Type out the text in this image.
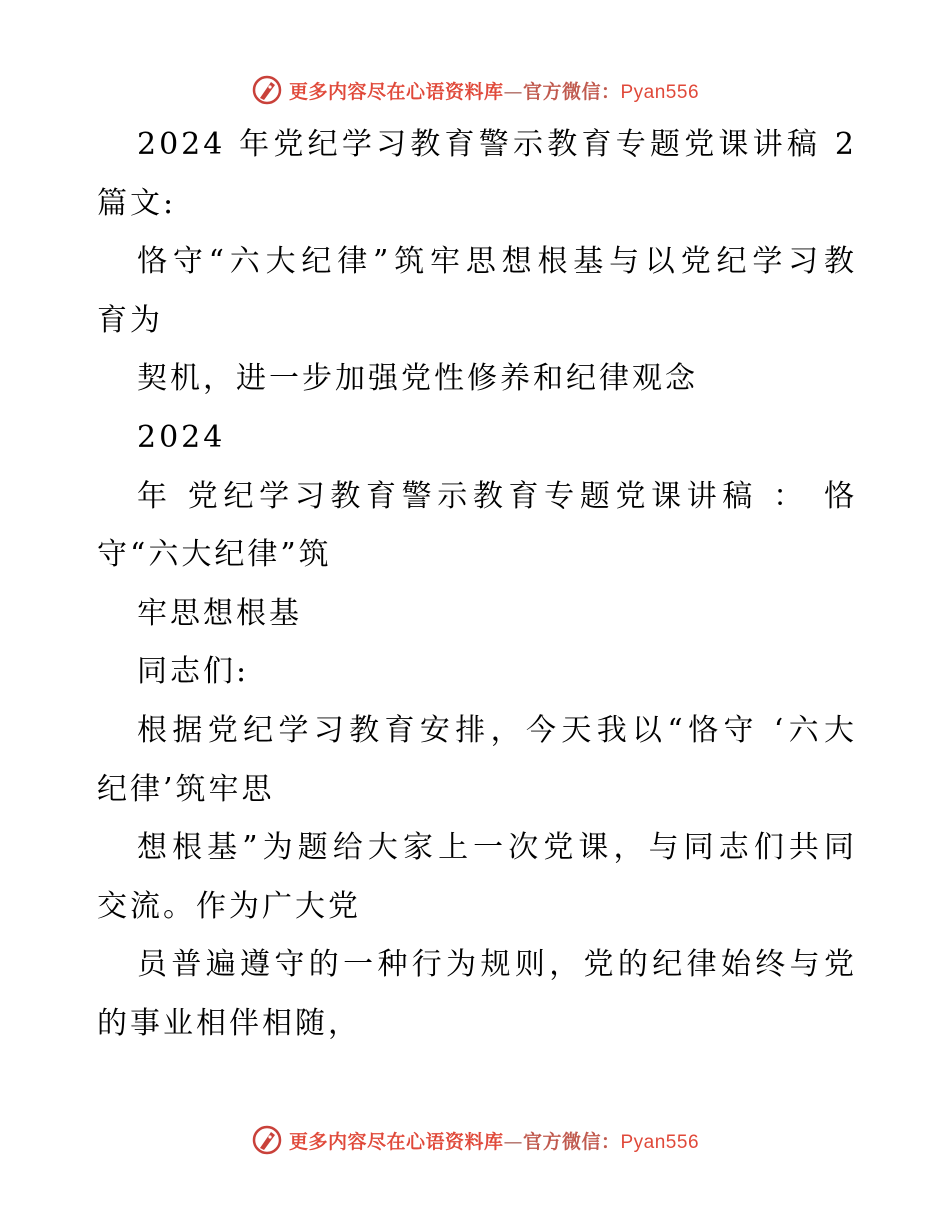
更多内容尽在心语资料库—官方微信：Pyan556
2024 年党纪学习教育警示教育专题党课讲稿 2
篇文:
恪守“六大纪律”筑牢思想根基与以党纪学习教
育为
契机，进一步加强党性修养和纪律观念
2024
年 党纪学习教育警示教育专题党课讲稿 ： 恪
守“六大纪律”筑
牢思想根基
同志们:
根据党纪学习教育安排，今天我以“恪守 ‘六大
纪律’筑牢思
想根基”为题给大家上一次党课，与同志们共同
交流。作为广大党
员普遍遵守的一种行为规则，党的纪律始终与党
的事业相伴相随，
更多内容尽在心语资料库—官方微信：Pyan556
